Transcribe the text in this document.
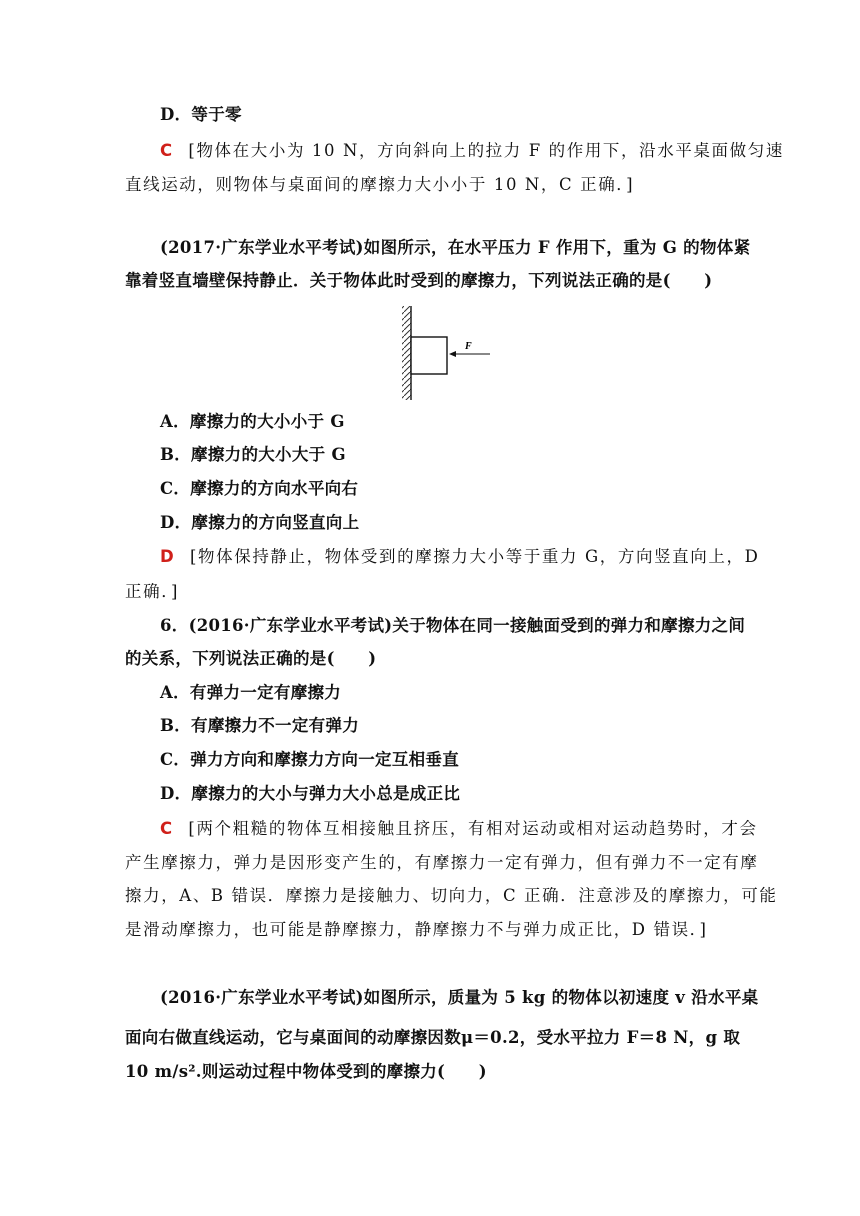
D．等于零
C [物体在大小为 10 N，方向斜向上的拉力 F 的作用下，沿水平桌面做匀速
直线运动，则物体与桌面间的摩擦力大小小于 10 N，C 正确．]
(2017·广东学业水平考试)如图所示，在水平压力 F 作用下，重为 G 的物体紧
靠着竖直墙壁保持静止．关于物体此时受到的摩擦力，下列说法正确的是(　　)
F
A．摩擦力的大小小于 G
B．摩擦力的大小大于 G
C．摩擦力的方向水平向右
D．摩擦力的方向竖直向上
D [物体保持静止，物体受到的摩擦力大小等于重力 G，方向竖直向上，D
正确．]
6．(2016·广东学业水平考试)关于物体在同一接触面受到的弹力和摩擦力之间
的关系，下列说法正确的是(　　)
A．有弹力一定有摩擦力
B．有摩擦力不一定有弹力
C．弹力方向和摩擦力方向一定互相垂直
D．摩擦力的大小与弹力大小总是成正比
C [两个粗糙的物体互相接触且挤压，有相对运动或相对运动趋势时，才会
产生摩擦力，弹力是因形变产生的，有摩擦力一定有弹力，但有弹力不一定有摩
擦力，A、B 错误．摩擦力是接触力、切向力，C 正确．注意涉及的摩擦力，可能
是滑动摩擦力，也可能是静摩擦力，静摩擦力不与弹力成正比，D 错误．]
(2016·广东学业水平考试)如图所示，质量为 5 kg 的物体以初速度 v 沿水平桌
面向右做直线运动，它与桌面间的动摩擦因数μ＝0.2，受水平拉力 F＝8 N，g 取
10 m/s².则运动过程中物体受到的摩擦力(　　)
